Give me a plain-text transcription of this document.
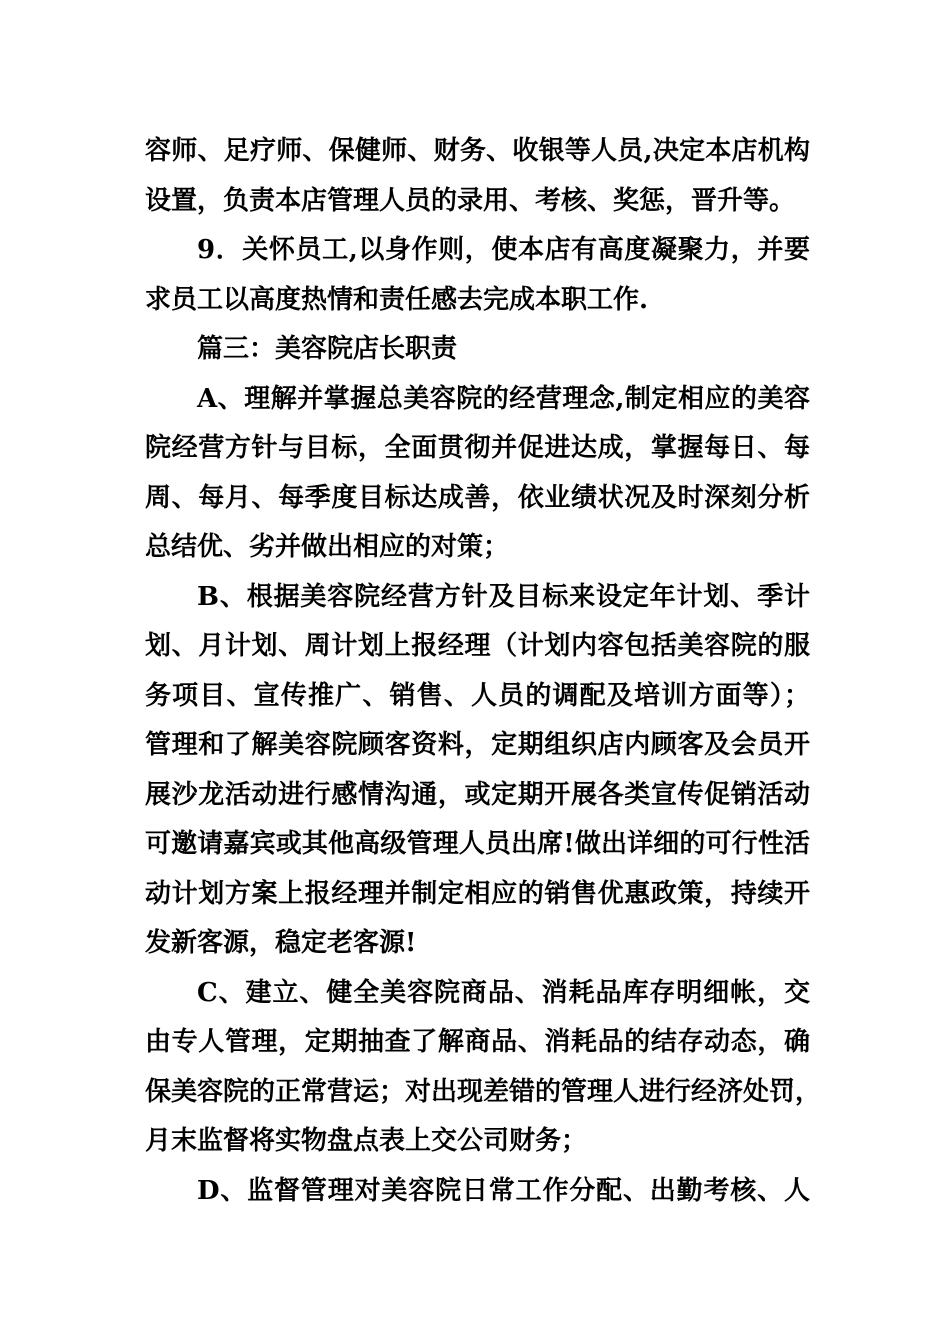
容师、足疗师、保健师、财务、收银等人员,决定本店机构
设置，负责本店管理人员的录用、考核、奖惩，晋升等。
9．关怀员工,以身作则，使本店有高度凝聚力，并要
求员工以高度热情和责任感去完成本职工作.
篇三：美容院店长职责
A、理解并掌握总美容院的经营理念,制定相应的美容
院经营方针与目标，全面贯彻并促进达成，掌握每日、每
周、每月、每季度目标达成善，依业绩状况及时深刻分析
总结优、劣并做出相应的对策；
B、根据美容院经营方针及目标来设定年计划、季计
划、月计划、周计划上报经理（计划内容包括美容院的服
务项目、宣传推广、销售、人员的调配及培训方面等）；
管理和了解美容院顾客资料，定期组织店内顾客及会员开
展沙龙活动进行感情沟通，或定期开展各类宣传促销活动
可邀请嘉宾或其他高级管理人员出席!做出详细的可行性活
动计划方案上报经理并制定相应的销售优惠政策，持续开
发新客源，稳定老客源!
C、建立、健全美容院商品、消耗品库存明细帐，交
由专人管理，定期抽查了解商品、消耗品的结存动态，确
保美容院的正常营运；对出现差错的管理人进行经济处罚，
月末监督将实物盘点表上交公司财务；
D、监督管理对美容院日常工作分配、出勤考核、人
